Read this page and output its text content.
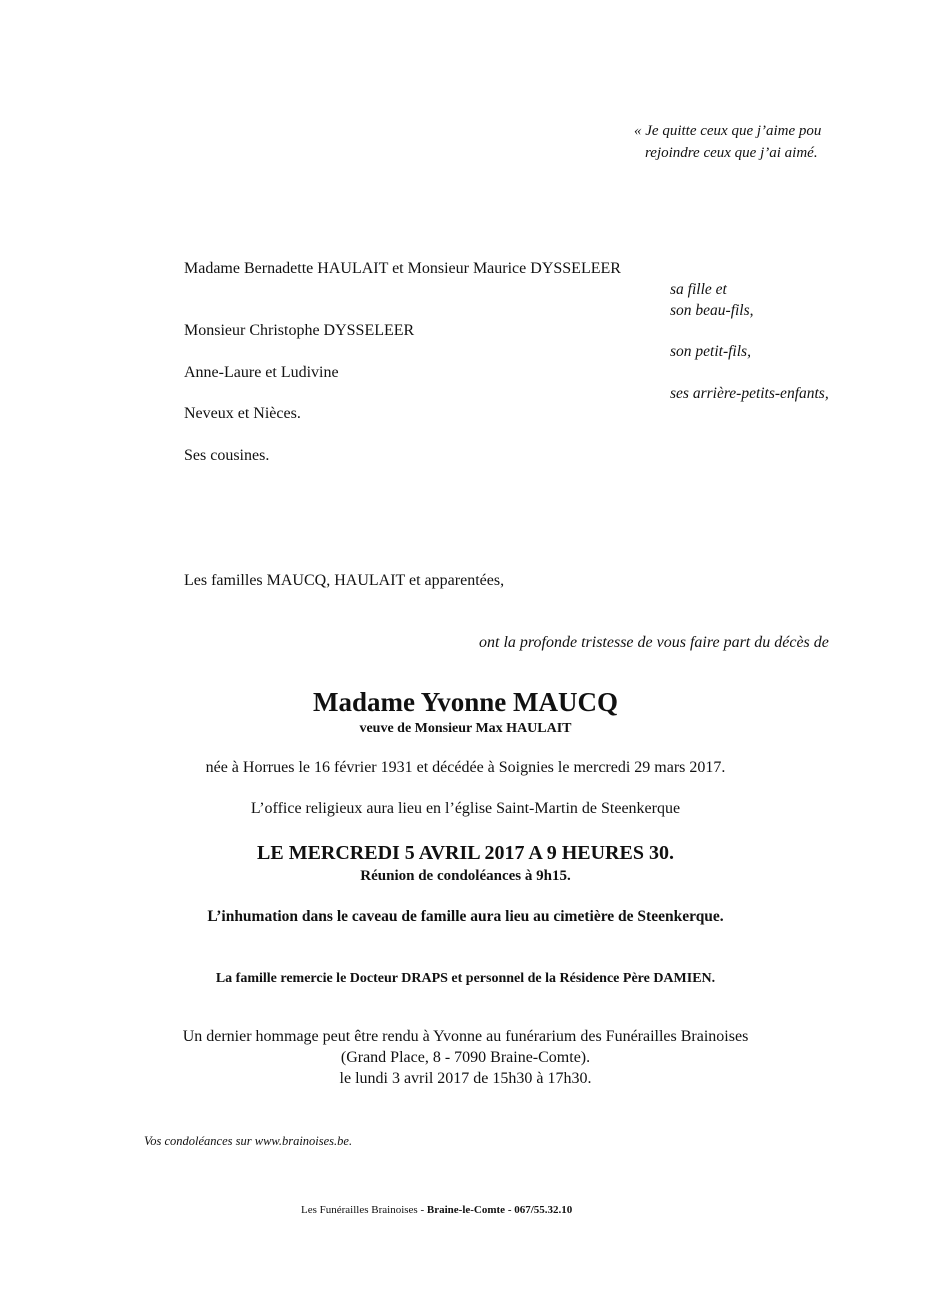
« Je quitte ceux que j’aime pou
rejoindre ceux que j’ai aimé.
Madame Bernadette HAULAIT et Monsieur Maurice DYSSELEER
sa fille et
son beau-fils,
Monsieur Christophe DYSSELEER
son petit-fils,
Anne-Laure et Ludivine
ses arrière-petits-enfants,
Neveux et Nièces.
Ses cousines.
Les familles MAUCQ, HAULAIT et apparentées,
ont la profonde tristesse de vous faire part du décès de
Madame Yvonne MAUCQ
veuve de Monsieur Max HAULAIT
née à Horrues le 16 février 1931 et décédée à Soignies le mercredi 29 mars 2017.
L’office religieux aura lieu en l’église Saint-Martin de Steenkerque
LE MERCREDI 5 AVRIL 2017 A 9 HEURES 30.
Réunion de condoléances à 9h15.
L’inhumation dans le caveau de famille aura lieu au cimetière de Steenkerque.
La famille remercie le Docteur DRAPS et personnel de la Résidence Père DAMIEN.
Un dernier hommage peut être rendu à Yvonne au funérarium des Funérailles Brainoises
(Grand Place, 8 - 7090 Braine-Comte).
le lundi 3 avril 2017 de 15h30 à 17h30.
Vos condoléances sur www.brainoises.be.
Les Funérailles Brainoises - Braine-le-Comte - 067/55.32.10
